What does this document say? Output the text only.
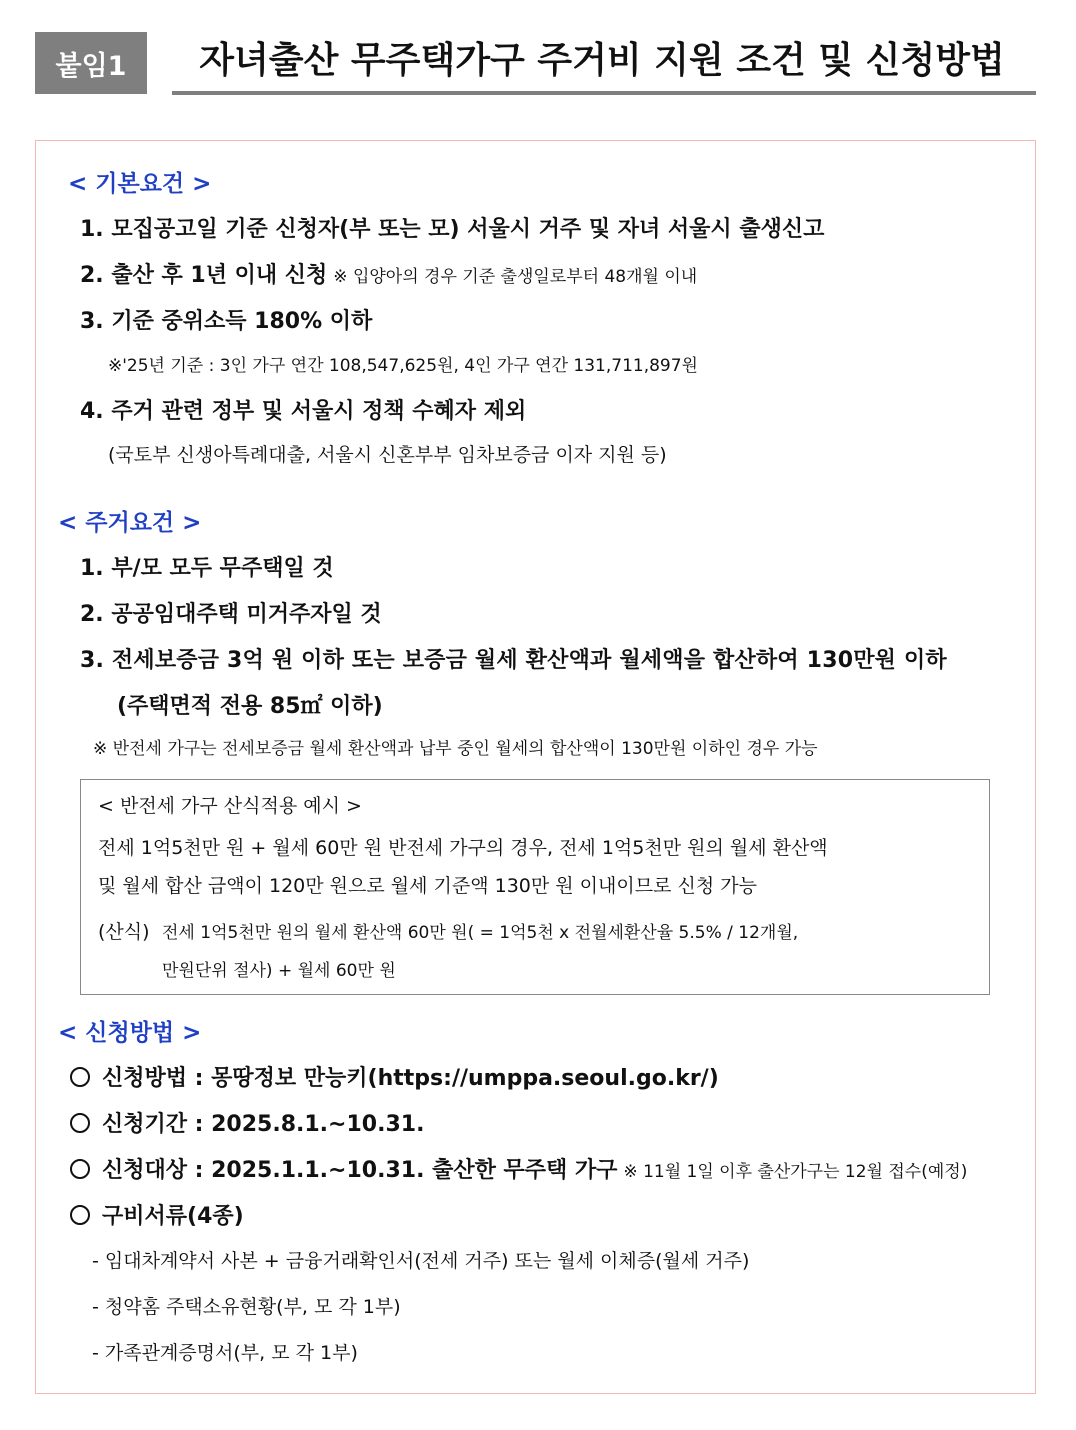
붙임1	자녀출산 무주택가구 주거비 지원 조건 및 신청방법
< 기본요건 >
1. 모집공고일 기준 신청자(부 또는 모) 서울시 거주 및 자녀 서울시 출생신고
2. 출산 후 1년 이내 신청 ※ 입양아의 경우 기준 출생일로부터 48개월 이내
3. 기준 중위소득 180% 이하
※'25년 기준 : 3인 가구 연간 108,547,625원, 4인 가구 연간 131,711,897원
4. 주거 관련 정부 및 서울시 정책 수혜자 제외
(국토부 신생아특례대출, 서울시 신혼부부 임차보증금 이자 지원 등)
< 주거요건 >
1. 부/모 모두 무주택일 것
2. 공공임대주택 미거주자일 것
3. 전세보증금 3억 원 이하 또는 보증금 월세 환산액과 월세액을 합산하여 130만원 이하
(주택면적 전용 85㎡ 이하)
※ 반전세 가구는 전세보증금 월세 환산액과 납부 중인 월세의 합산액이 130만원 이하인 경우 가능
< 반전세 가구 산식적용 예시 >
전세 1억5천만 원 + 월세 60만 원 반전세 가구의 경우, 전세 1억5천만 원의 월세 환산액
및 월세 합산 금액이 120만 원으로 월세 기준액 130만 원 이내이므로 신청 가능
(산식) 전세 1억5천만 원의 월세 환산액 60만 원( = 1억5천 x 전월세환산율 5.5% / 12개월,
만원단위 절사) + 월세 60만 원
< 신청방법 >
신청방법 : 몽땅정보 만능키(https://umppa.seoul.go.kr/)
신청기간 : 2025.8.1.~10.31.
신청대상 : 2025.1.1.~10.31. 출산한 무주택 가구 ※ 11월 1일 이후 출산가구는 12월 접수(예정)
구비서류(4종)
- 임대차계약서 사본 + 금융거래확인서(전세 거주) 또는 월세 이체증(월세 거주)
- 청약홈 주택소유현황(부, 모 각 1부)
- 가족관계증명서(부, 모 각 1부)
